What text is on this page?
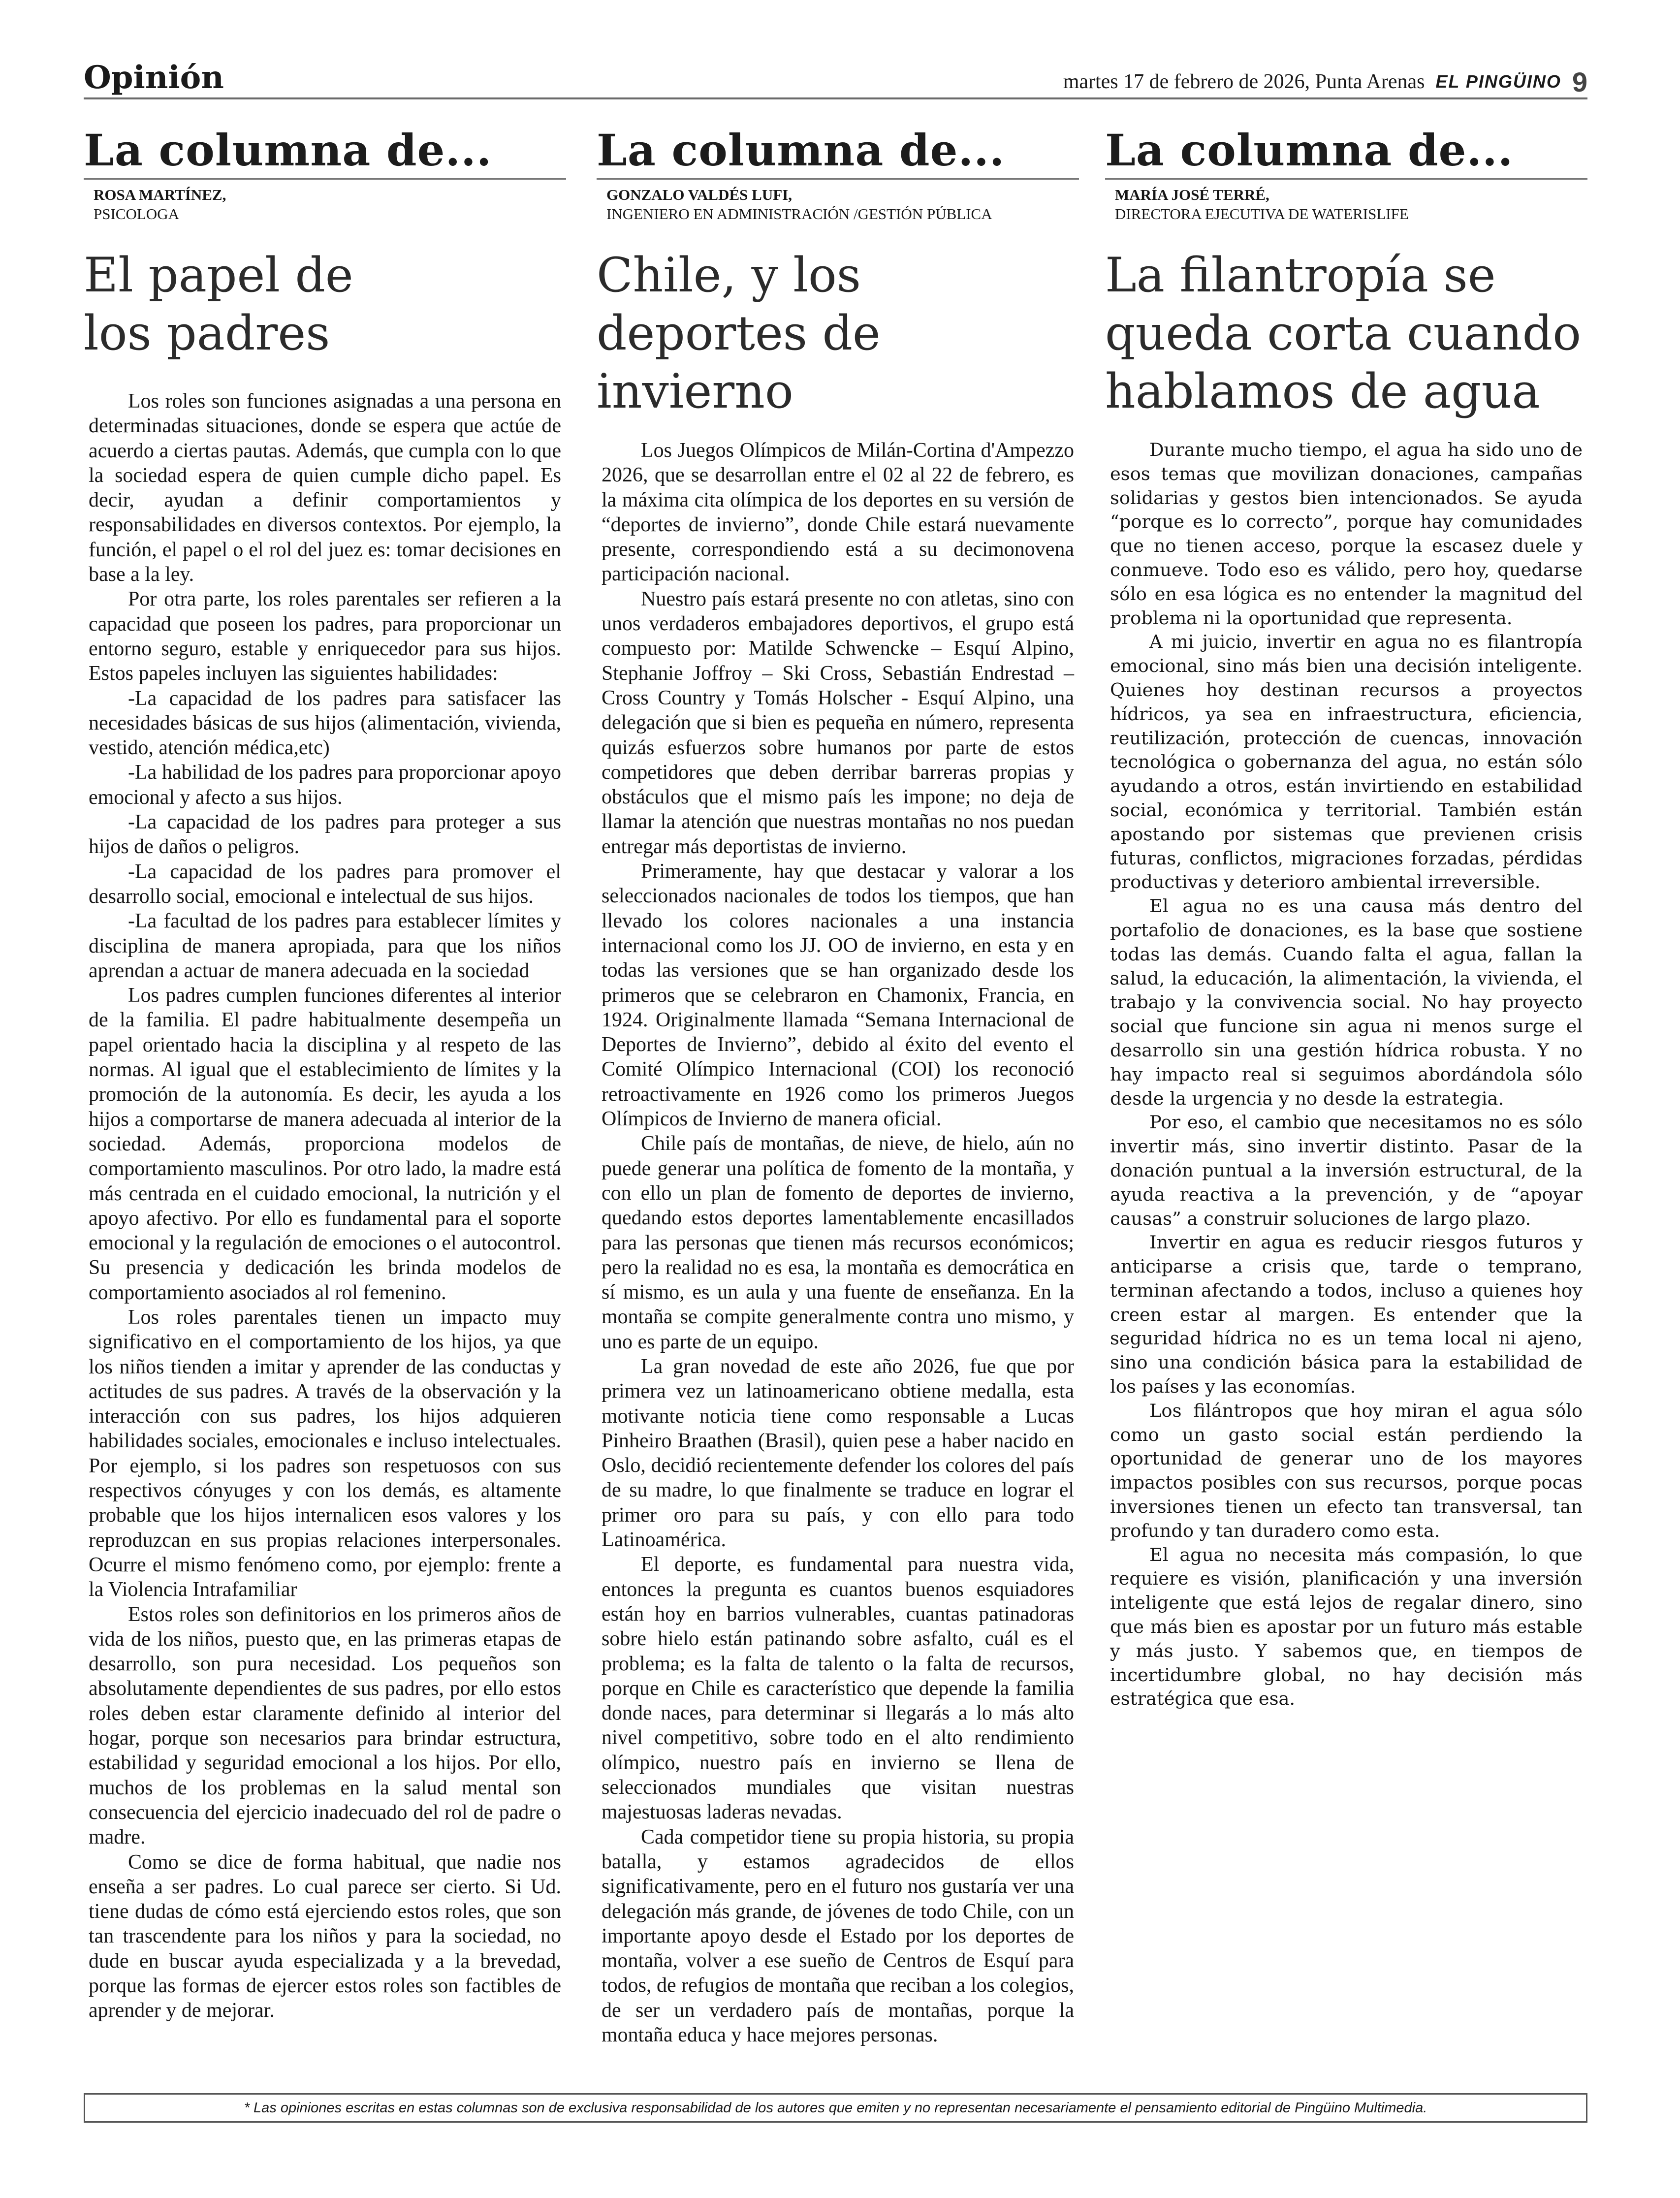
Opinión	martes 17 de febrero de 2026, Punta Arenas EL PINGÜINO 9
La columna de...
ROSA MARTÍNEZ,
PSICOLOGA
El papel de
los padres

Los roles son funciones asignadas a una persona en determinadas situaciones, donde se espera que actúe de acuerdo a ciertas pautas. Además, que cumpla con lo que la sociedad espera de quien cumple dicho papel. Es decir, ayudan a definir comportamientos y responsabilidades en diversos contextos. Por ejemplo, la función, el papel o el rol del juez es: tomar decisiones en base a la ley.

Por otra parte, los roles parentales ser refieren a la capacidad que poseen los padres, para proporcionar un entorno seguro, estable y enriquecedor para sus hijos. Estos papeles incluyen las siguientes habilidades:

-La capacidad de los padres para satisfacer las necesidades básicas de sus hijos (alimentación, vivienda, vestido, atención médica,etc)

-La habilidad de los padres para proporcionar apoyo emocional y afecto a sus hijos.

-La capacidad de los padres para proteger a sus hijos de daños o peligros.

-La capacidad de los padres para promover el desarrollo social, emocional e intelectual de sus hijos.

-La facultad de los padres para establecer límites y disciplina de manera apropiada, para que los niños aprendan a actuar de manera adecuada en la sociedad

Los padres cumplen funciones diferentes al interior de la familia. El padre habitualmente desempeña un papel orientado hacia la disciplina y al respeto de las normas. Al igual que el establecimiento de límites y la promoción de la autonomía. Es decir, les ayuda a los hijos a comportarse de manera adecuada al interior de la sociedad. Además, proporciona modelos de comportamiento masculinos. Por otro lado, la madre está más centrada en el cuidado emocional, la nutrición y el apoyo afectivo. Por ello es fundamental para el soporte emocional y la regulación de emociones o el autocontrol. Su presencia y dedicación les brinda modelos de comportamiento asociados al rol femenino.

Los roles parentales tienen un impacto muy significativo en el comportamiento de los hijos, ya que los niños tienden a imitar y aprender de las conductas y actitudes de sus padres. A través de la observación y la interacción con sus padres, los hijos adquieren habilidades sociales, emocionales e incluso intelectuales. Por ejemplo, si los padres son respetuosos con sus respectivos cónyuges y con los demás, es altamente probable que los hijos internalicen esos valores y los reproduzcan en sus propias relaciones interpersonales. Ocurre el mismo fenómeno como, por ejemplo: frente a la Violencia Intrafamiliar

Estos roles son definitorios en los primeros años de vida de los niños, puesto que, en las primeras etapas de desarrollo, son pura necesidad. Los pequeños son absolutamente dependientes de sus padres, por ello estos roles deben estar claramente definido al interior del hogar, porque son necesarios para brindar estructura, estabilidad y seguridad emocional a los hijos. Por ello, muchos de los problemas en la salud mental son consecuencia del ejercicio inadecuado del rol de padre o madre.

Como se dice de forma habitual, que nadie nos enseña a ser padres. Lo cual parece ser cierto. Si Ud. tiene dudas de cómo está ejerciendo estos roles, que son tan trascendente para los niños y para la sociedad, no dude en buscar ayuda especializada y a la brevedad, porque las formas de ejercer estos roles son factibles de aprender y de mejorar.

La columna de...
GONZALO VALDÉS LUFI,
INGENIERO EN ADMINISTRACIÓN /GESTIÓN PÚBLICA
Chile, y los
deportes de
invierno

Los Juegos Olímpicos de Milán-Cortina d'Ampezzo 2026, que se desarrollan entre el 02 al 22 de febrero, es la máxima cita olímpica de los deportes en su versión de “deportes de invierno”, donde Chile estará nuevamente presente, correspondiendo está a su decimonovena participación nacional.

Nuestro país estará presente no con atletas, sino con unos verdaderos embajadores deportivos, el grupo está compuesto por: Matilde Schwencke – Esquí Alpino, Stephanie Joffroy – Ski Cross, Sebastián Endrestad – Cross Country y Tomás Holscher - Esquí Alpino, una delegación que si bien es pequeña en número, representa quizás esfuerzos sobre humanos por parte de estos competidores que deben derribar barreras propias y obstáculos que el mismo país les impone; no deja de llamar la atención que nuestras montañas no nos puedan entregar más deportistas de invierno.

Primeramente, hay que destacar y valorar a los seleccionados nacionales de todos los tiempos, que han llevado los colores nacionales a una instancia internacional como los JJ. OO de invierno, en esta y en todas las versiones que se han organizado desde los primeros que se celebraron en Chamonix, Francia, en 1924. Originalmente llamada “Semana Internacional de Deportes de Invierno”, debido al éxito del evento el Comité Olímpico Internacional (COI) los reconoció retroactivamente en 1926 como los primeros Juegos Olímpicos de Invierno de manera oficial.

Chile país de montañas, de nieve, de hielo, aún no puede generar una política de fomento de la montaña, y con ello un plan de fomento de deportes de invierno, quedando estos deportes lamentablemente encasillados para las personas que tienen más recursos económicos; pero la realidad no es esa, la montaña es democrática en sí mismo, es un aula y una fuente de enseñanza. En la montaña se compite generalmente contra uno mismo, y uno es parte de un equipo.

La gran novedad de este año 2026, fue que por primera vez un latinoamericano obtiene medalla, esta motivante noticia tiene como responsable a Lucas Pinheiro Braathen (Brasil), quien pese a haber nacido en Oslo, decidió recientemente defender los colores del país de su madre, lo que finalmente se traduce en lograr el primer oro para su país, y con ello para todo Latinoamérica.

El deporte, es fundamental para nuestra vida, entonces la pregunta es cuantos buenos esquiadores están hoy en barrios vulnerables, cuantas patinadoras sobre hielo están patinando sobre asfalto, cuál es el problema; es la falta de talento o la falta de recursos, porque en Chile es característico que depende la familia donde naces, para determinar si llegarás a lo más alto nivel competitivo, sobre todo en el alto rendimiento olímpico, nuestro país en invierno se llena de seleccionados mundiales que visitan nuestras majestuosas laderas nevadas.

Cada competidor tiene su propia historia, su propia batalla, y estamos agradecidos de ellos significativamente, pero en el futuro nos gustaría ver una delegación más grande, de jóvenes de todo Chile, con un importante apoyo desde el Estado por los deportes de montaña, volver a ese sueño de Centros de Esquí para todos, de refugios de montaña que reciban a los colegios, de ser un verdadero país de montañas, porque la montaña educa y hace mejores personas.

La columna de...
MARÍA JOSÉ TERRÉ,
DIRECTORA EJECUTIVA DE WATERISLIFE
La filantropía se
queda corta cuando
hablamos de agua

Durante mucho tiempo, el agua ha sido uno de esos temas que movilizan donaciones, campañas solidarias y gestos bien intencionados. Se ayuda “porque es lo correcto”, porque hay comunidades que no tienen acceso, porque la escasez duele y conmueve. Todo eso es válido, pero hoy, quedarse sólo en esa lógica es no entender la magnitud del problema ni la oportunidad que representa.

A mi juicio, invertir en agua no es filantropía emocional, sino más bien una decisión inteligente. Quienes hoy destinan recursos a proyectos hídricos, ya sea en infraestructura, eficiencia, reutilización, protección de cuencas, innovación tecnológica o gobernanza del agua, no están sólo ayudando a otros, están invirtiendo en estabilidad social, económica y territorial. También están apostando por sistemas que previenen crisis futuras, conflictos, migraciones forzadas, pérdidas productivas y deterioro ambiental irreversible.

El agua no es una causa más dentro del portafolio de donaciones, es la base que sostiene todas las demás. Cuando falta el agua, fallan la salud, la educación, la alimentación, la vivienda, el trabajo y la convivencia social. No hay proyecto social que funcione sin agua ni menos surge el desarrollo sin una gestión hídrica robusta. Y no hay impacto real si seguimos abordándola sólo desde la urgencia y no desde la estrategia.

Por eso, el cambio que necesitamos no es sólo invertir más, sino invertir distinto. Pasar de la donación puntual a la inversión estructural, de la ayuda reactiva a la prevención, y de “apoyar causas” a construir soluciones de largo plazo.

Invertir en agua es reducir riesgos futuros y anticiparse a crisis que, tarde o temprano, terminan afectando a todos, incluso a quienes hoy creen estar al margen. Es entender que la seguridad hídrica no es un tema local ni ajeno, sino una condición básica para la estabilidad de los países y las economías.

Los filántropos que hoy miran el agua sólo como un gasto social están perdiendo la oportunidad de generar uno de los mayores impactos posibles con sus recursos, porque pocas inversiones tienen un efecto tan transversal, tan profundo y tan duradero como esta.

El agua no necesita más compasión, lo que requiere es visión, planificación y una inversión inteligente que está lejos de regalar dinero, sino que más bien es apostar por un futuro más estable y más justo. Y sabemos que, en tiempos de incertidumbre global, no hay decisión más estratégica que esa.

* Las opiniones escritas en estas columnas son de exclusiva responsabilidad de los autores que emiten y no representan necesariamente el pensamiento editorial de Pingüino Multimedia.
